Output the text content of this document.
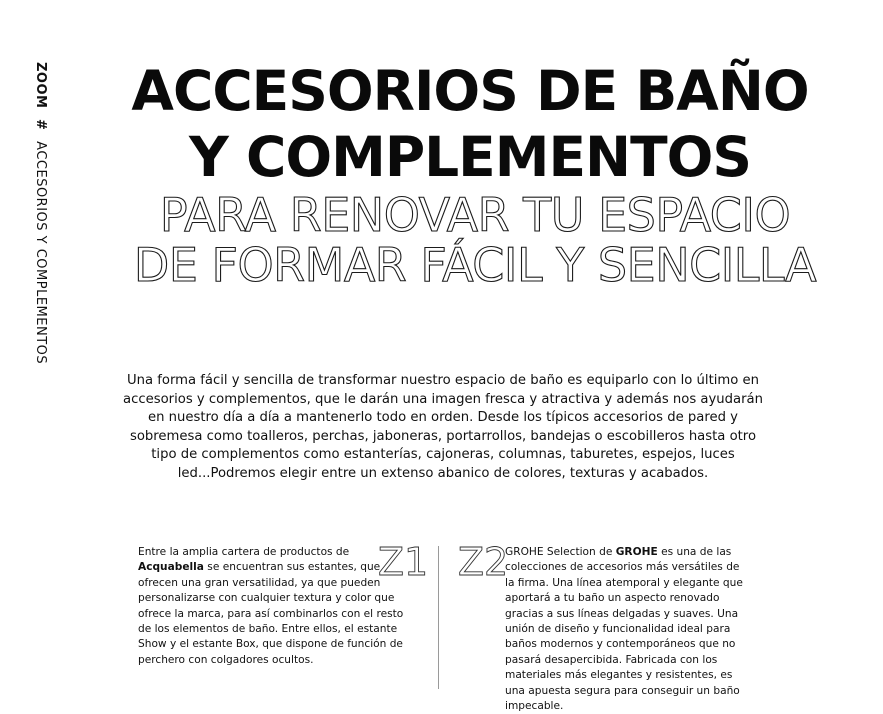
ZOOM # ACCESORIOS Y COMPLEMENTOS
ACCESORIOS DE BAÑO
Y COMPLEMENTOS
PARA RENOVAR TU ESPACIO
DE FORMAR FÁCIL Y SENCILLA

Una forma fácil y sencilla de transformar nuestro espacio de baño es equiparlo con lo último en accesorios y complementos, que le darán una imagen fresca y atractiva y además nos ayudarán en nuestro día a día a mantenerlo todo en orden. Desde los típicos accesorios de pared y sobremesa como toalleros, perchas, jaboneras, portarrollos, bandejas o escobilleros hasta otro tipo de complementos como estanterías, cajoneras, columnas, taburetes, espejos, luces led...Podremos elegir entre un extenso abanico de colores, texturas y acabados.

Entre la amplia cartera de productos de Acquabella se encuentran sus estantes, que ofrecen una gran versatilidad, ya que pueden personalizarse con cualquier textura y color que ofrece la marca, para así combinarlos con el resto de los elementos de baño. Entre ellos, el estante Show y el estante Box, que dispone de función de perchero con colgadores ocultos.

Z1 Z2

GROHE Selection de GROHE es una de las colecciones de accesorios más versátiles de la firma. Una línea atemporal y elegante que aportará a tu baño un aspecto renovado gracias a sus líneas delgadas y suaves. Una unión de diseño y funcionalidad ideal para baños modernos y contemporáneos que no pasará desapercibida. Fabricada con los materiales más elegantes y resistentes, es una apuesta segura para conseguir un baño impecable.
